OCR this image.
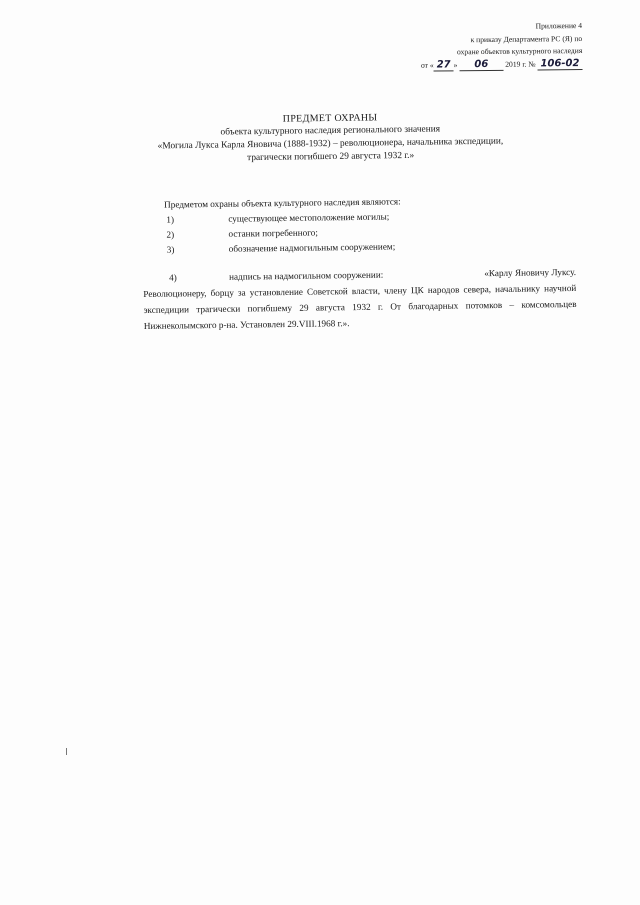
Приложение 4
к приказу Департамента РС (Я) по
охране объектов культурного наследия
от « 27 » 06 2019 г. № 106-02
ПРЕДМЕТ ОХРАНЫ
объекта культурного наследия регионального значения
«Могила Лукса Карла Яновича (1888-1932) – революционера, начальника экспедиции,
трагически погибшего 29 августа 1932 г.»
Предметом охраны объекта культурного наследия являются:
1)	существующее местоположение могилы;
2)	останки погребенного;
3)	обозначение надмогильным сооружением;
4)	надпись на надмогильном сооружении:	«Карлу Яновичу Луксу.
Революционеру, борцу за установление Советской власти, члену ЦК народов севера, начальнику научной экспедиции трагически погибшему 29 августа 1932 г. От благодарных потомков – комсомольцев Нижнеколымского р-на. Установлен 29.VIII.1968 г.».
